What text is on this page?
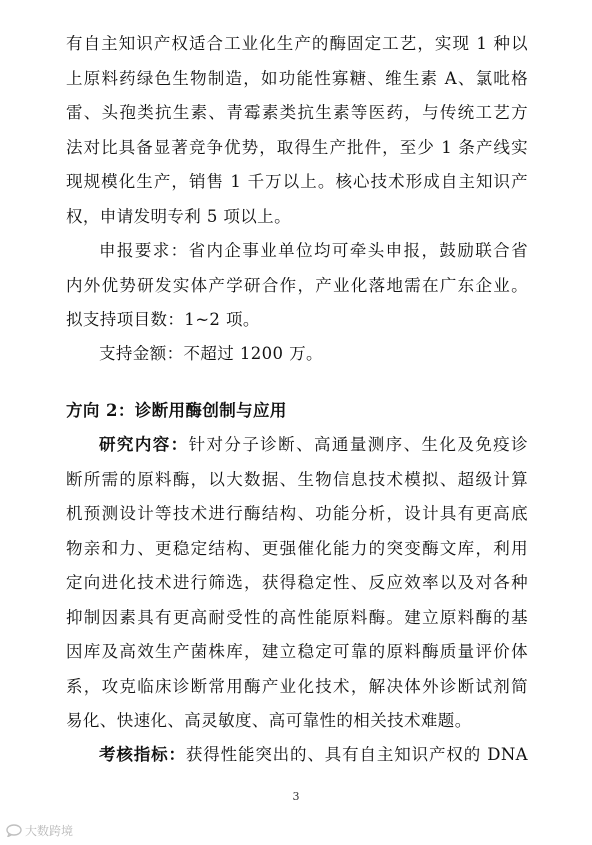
有自主知识产权适合工业化生产的酶固定工艺，实现 1 种以
上原料药绿色生物制造，如功能性寡糖、维生素 A、氯吡格
雷、头孢类抗生素、青霉素类抗生素等医药，与传统工艺方
法对比具备显著竞争优势，取得生产批件，至少 1 条产线实
现规模化生产，销售 1 千万以上。核心技术形成自主知识产
权，申请发明专利 5 项以上。
申报要求：省内企事业单位均可牵头申报，鼓励联合省
内外优势研发实体产学研合作，产业化落地需在广东企业。
拟支持项目数：1~2 项。
支持金额：不超过 1200 万。
方向 2：诊断用酶创制与应用
研究内容：针对分子诊断、高通量测序、生化及免疫诊
断所需的原料酶，以大数据、生物信息技术模拟、超级计算
机预测设计等技术进行酶结构、功能分析，设计具有更高底
物亲和力、更稳定结构、更强催化能力的突变酶文库，利用
定向进化技术进行筛选，获得稳定性、反应效率以及对各种
抑制因素具有更高耐受性的高性能原料酶。建立原料酶的基
因库及高效生产菌株库，建立稳定可靠的原料酶质量评价体
系，攻克临床诊断常用酶产业化技术，解决体外诊断试剂简
易化、快速化、高灵敏度、高可靠性的相关技术难题。
考核指标：获得性能突出的、具有自主知识产权的 DNA
3
大数跨境
